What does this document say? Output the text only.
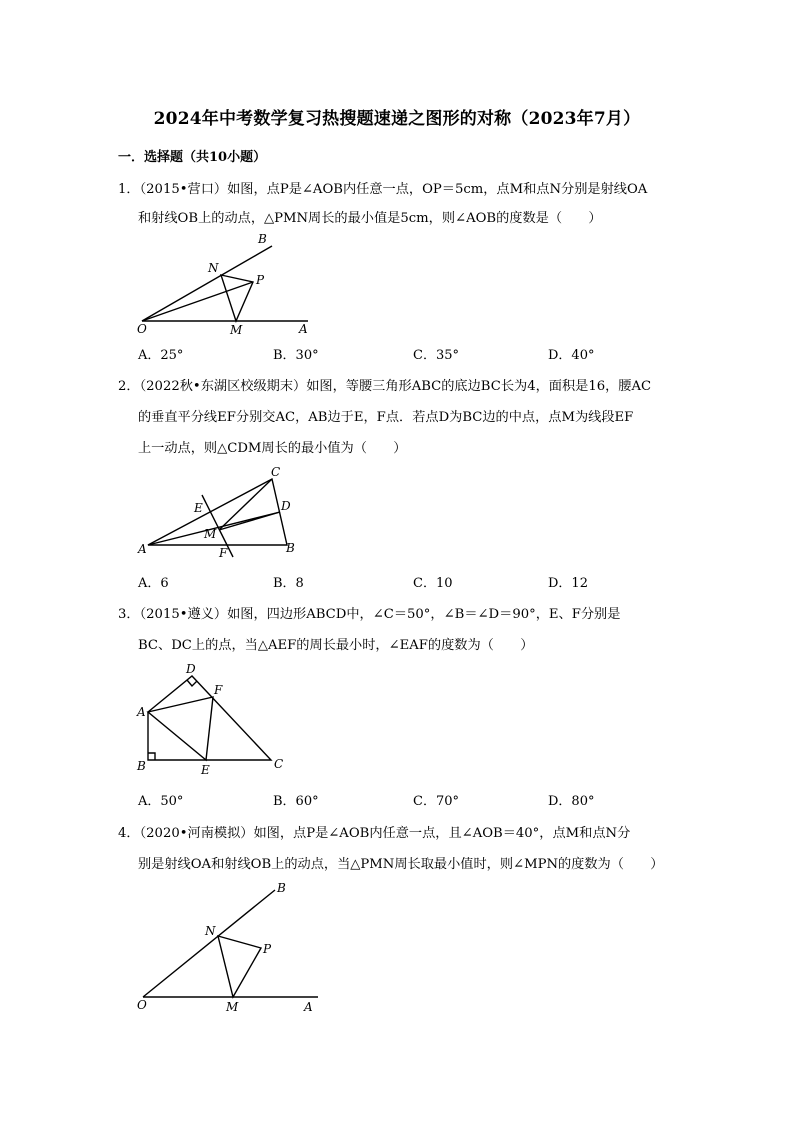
2024年中考数学复习热搜题速递之图形的对称（2023年7月）
一．选择题（共10小题）
1．（2015•营口）如图，点P是∠AOB内任意一点，OP＝5cm，点M和点N分别是射线OA
和射线OB上的动点，△PMN周长的最小值是5cm，则∠AOB的度数是（　　）
B
N
P
O	M	A
A．25°	B．30°	C．35°	D．40°
2．（2022秋•东湖区校级期末）如图，等腰三角形ABC的底边BC长为4，面积是16，腰AC
的垂直平分线EF分别交AC，AB边于E，F点．若点D为BC边的中点，点M为线段EF
上一动点，则△CDM周长的最小值为（　　）
C
E	D
M
A	F	B
A．6	B．8	C．10	D．12
3．（2015•遵义）如图，四边形ABCD中，∠C＝50°，∠B＝∠D＝90°，E、F分别是
BC、DC上的点，当△AEF的周长最小时，∠EAF的度数为（　　）
D
F
A
B	E	C
A．50°	B．60°	C．70°	D．80°
4．（2020•河南模拟）如图，点P是∠AOB内任意一点，且∠AOB＝40°，点M和点N分
别是射线OA和射线OB上的动点，当△PMN周长取最小值时，则∠MPN的度数为（　　）
B
N
P
O	M	A
